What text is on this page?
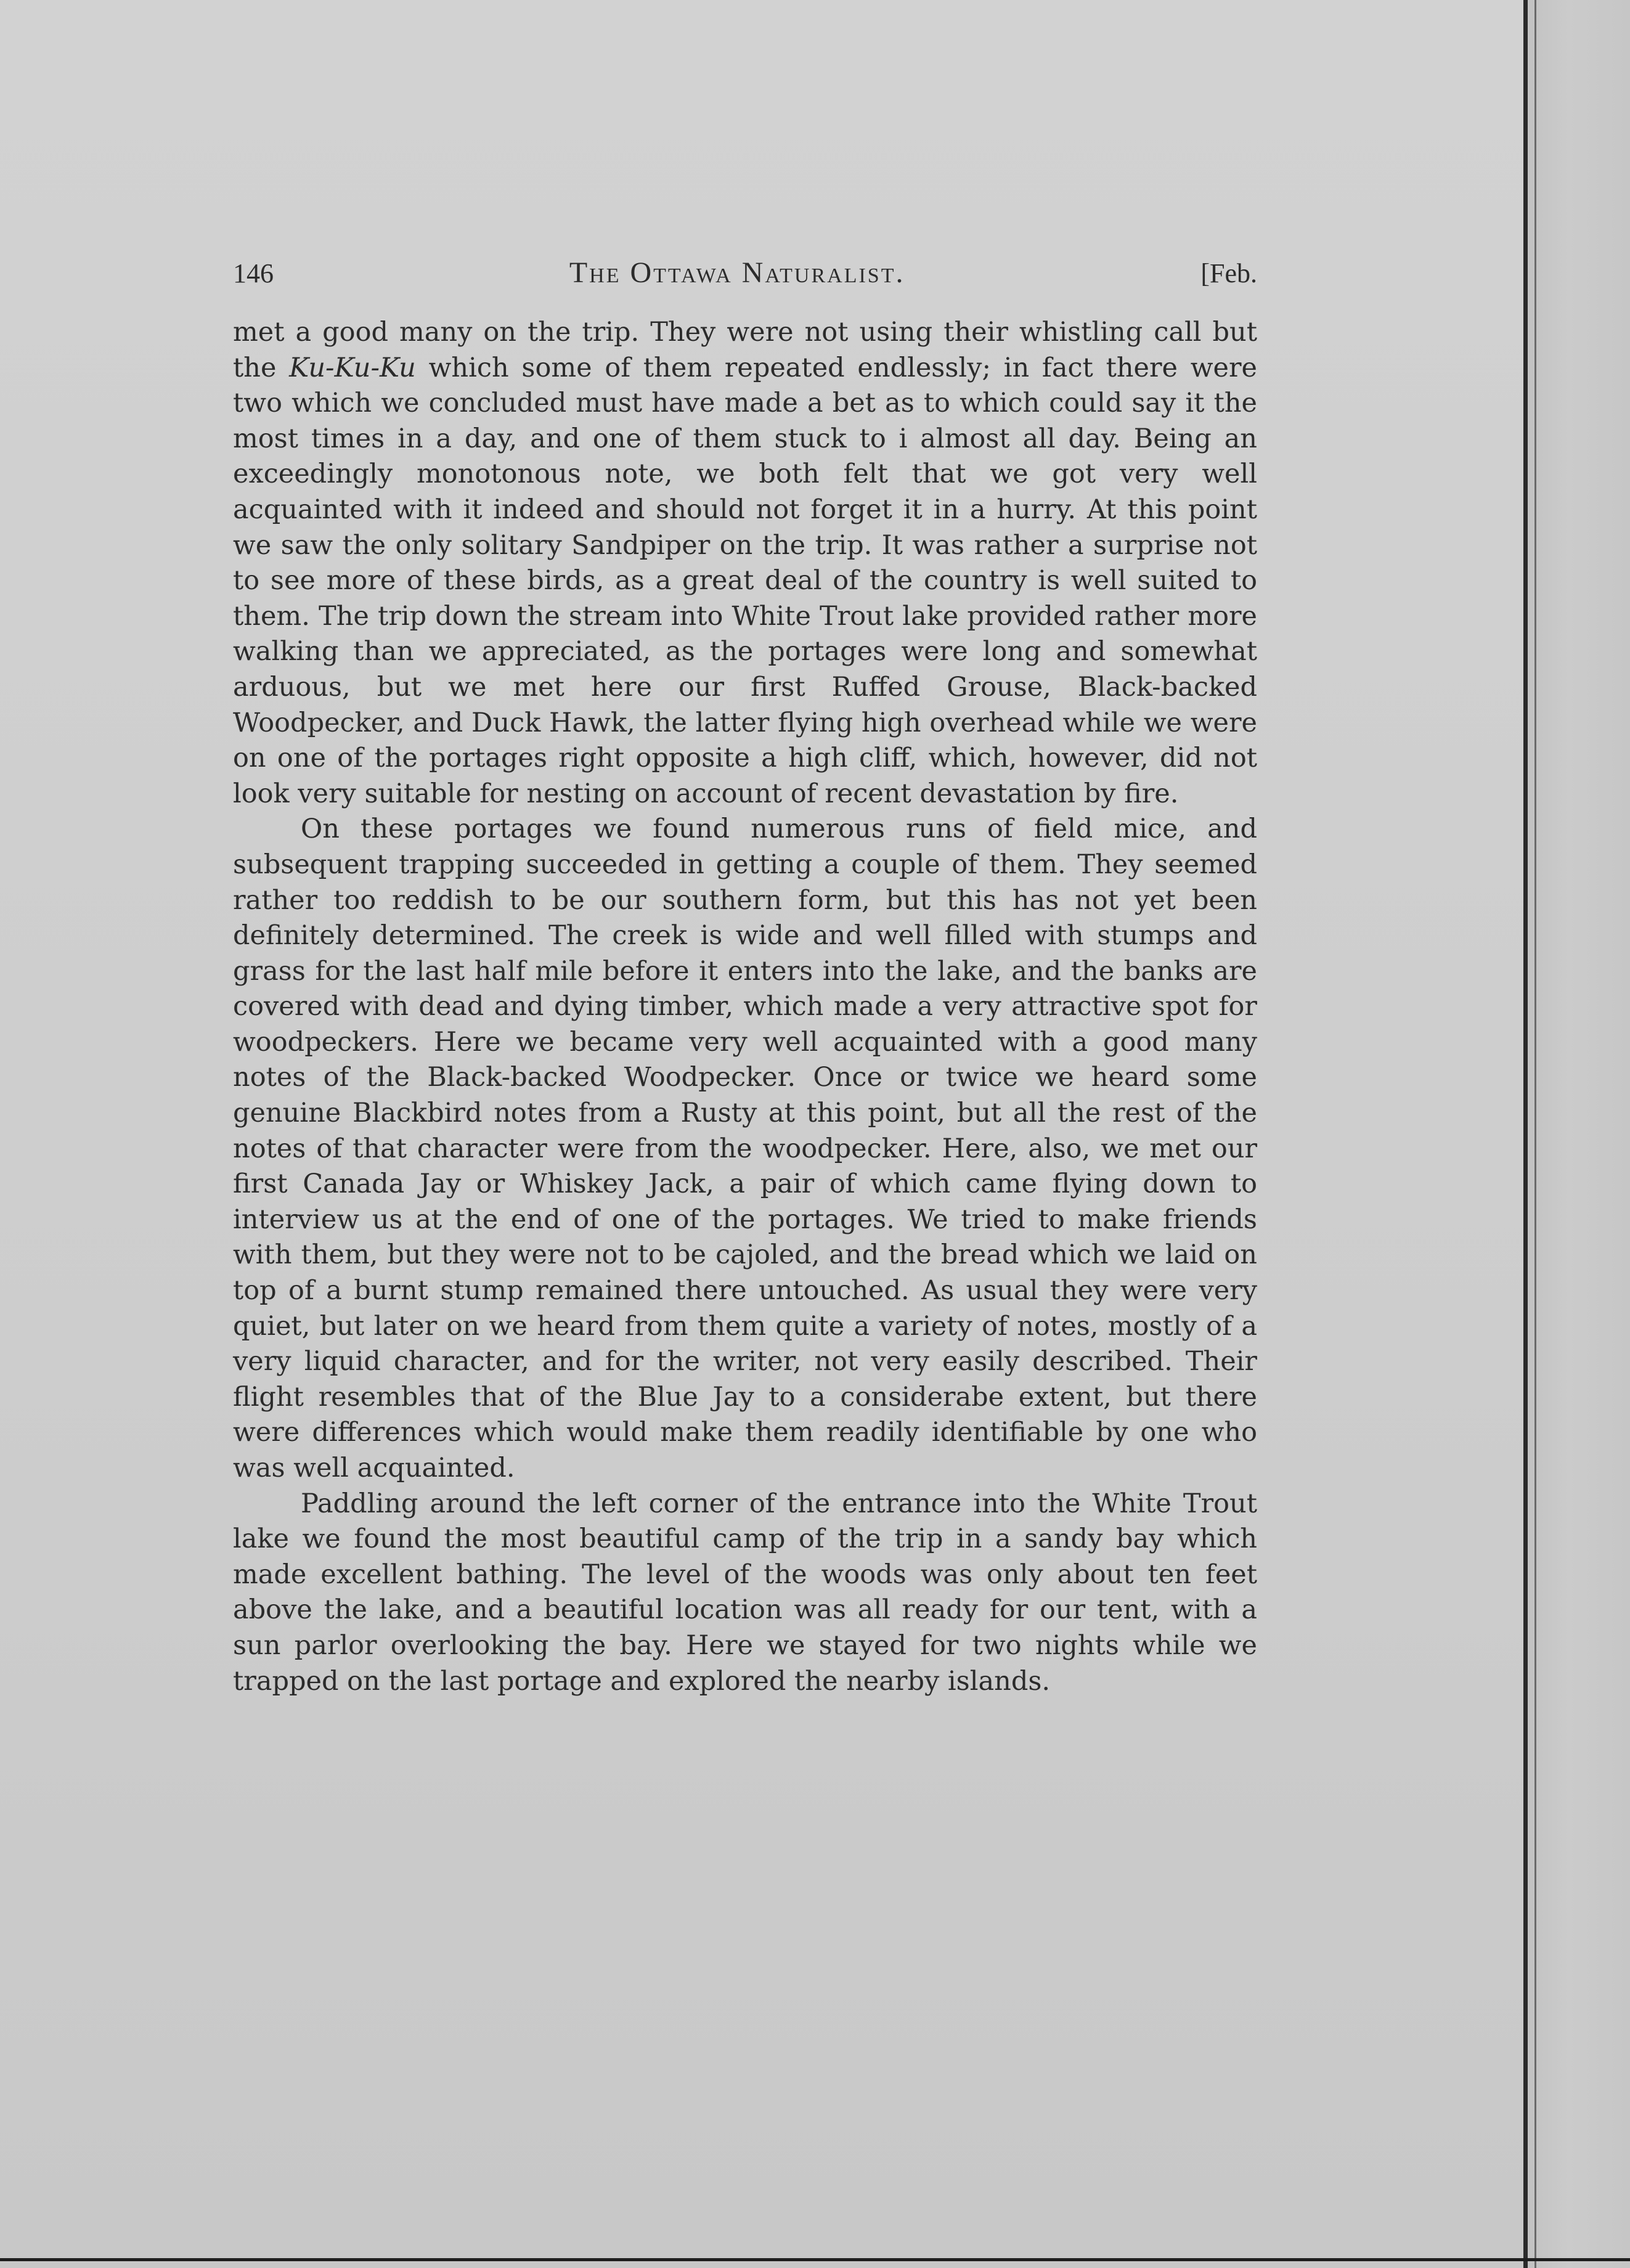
146	The Ottawa Naturalist.	[Feb.

met a good many on the trip. They were not using their whistling call but the Ku-Ku-Ku which some of them repeated endlessly; in fact there were two which we concluded must have made a bet as to which could say it the most times in a day, and one of them stuck to i almost all day. Being an exceedingly monotonous note, we both felt that we got very well acquainted with it indeed and should not forget it in a hurry. At this point we saw the only solitary Sandpiper on the trip. It was rather a surprise not to see more of these birds, as a great deal of the country is well suited to them. The trip down the stream into White Trout lake provided rather more walking than we appreciated, as the portages were long and somewhat arduous, but we met here our first Ruffed Grouse, Black-backed Woodpecker, and Duck Hawk, the latter flying high overhead while we were on one of the portages right opposite a high cliff, which, however, did not look very suitable for nesting on account of recent devastation by fire.

On these portages we found numerous runs of field mice, and subsequent trapping succeeded in getting a couple of them. They seemed rather too reddish to be our southern form, but this has not yet been definitely determined. The creek is wide and well filled with stumps and grass for the last half mile before it enters into the lake, and the banks are covered with dead and dying timber, which made a very attractive spot for woodpeckers. Here we became very well acquainted with a good many notes of the Black-backed Woodpecker. Once or twice we heard some genuine Blackbird notes from a Rusty at this point, but all the rest of the notes of that character were from the woodpecker. Here, also, we met our first Canada Jay or Whiskey Jack, a pair of which came flying down to interview us at the end of one of the portages. We tried to make friends with them, but they were not to be cajoled, and the bread which we laid on top of a burnt stump remained there untouched. As usual they were very quiet, but later on we heard from them quite a variety of notes, mostly of a very liquid character, and for the writer, not very easily described. Their flight resembles that of the Blue Jay to a considerabe extent, but there were differences which would make them readily identifiable by one who was well acquainted.

Paddling around the left corner of the entrance into the White Trout lake we found the most beautiful camp of the trip in a sandy bay which made excellent bathing. The level of the woods was only about ten feet above the lake, and a beautiful location was all ready for our tent, with a sun parlor overlooking the bay. Here we stayed for two nights while we trapped on the last portage and explored the nearby islands.
